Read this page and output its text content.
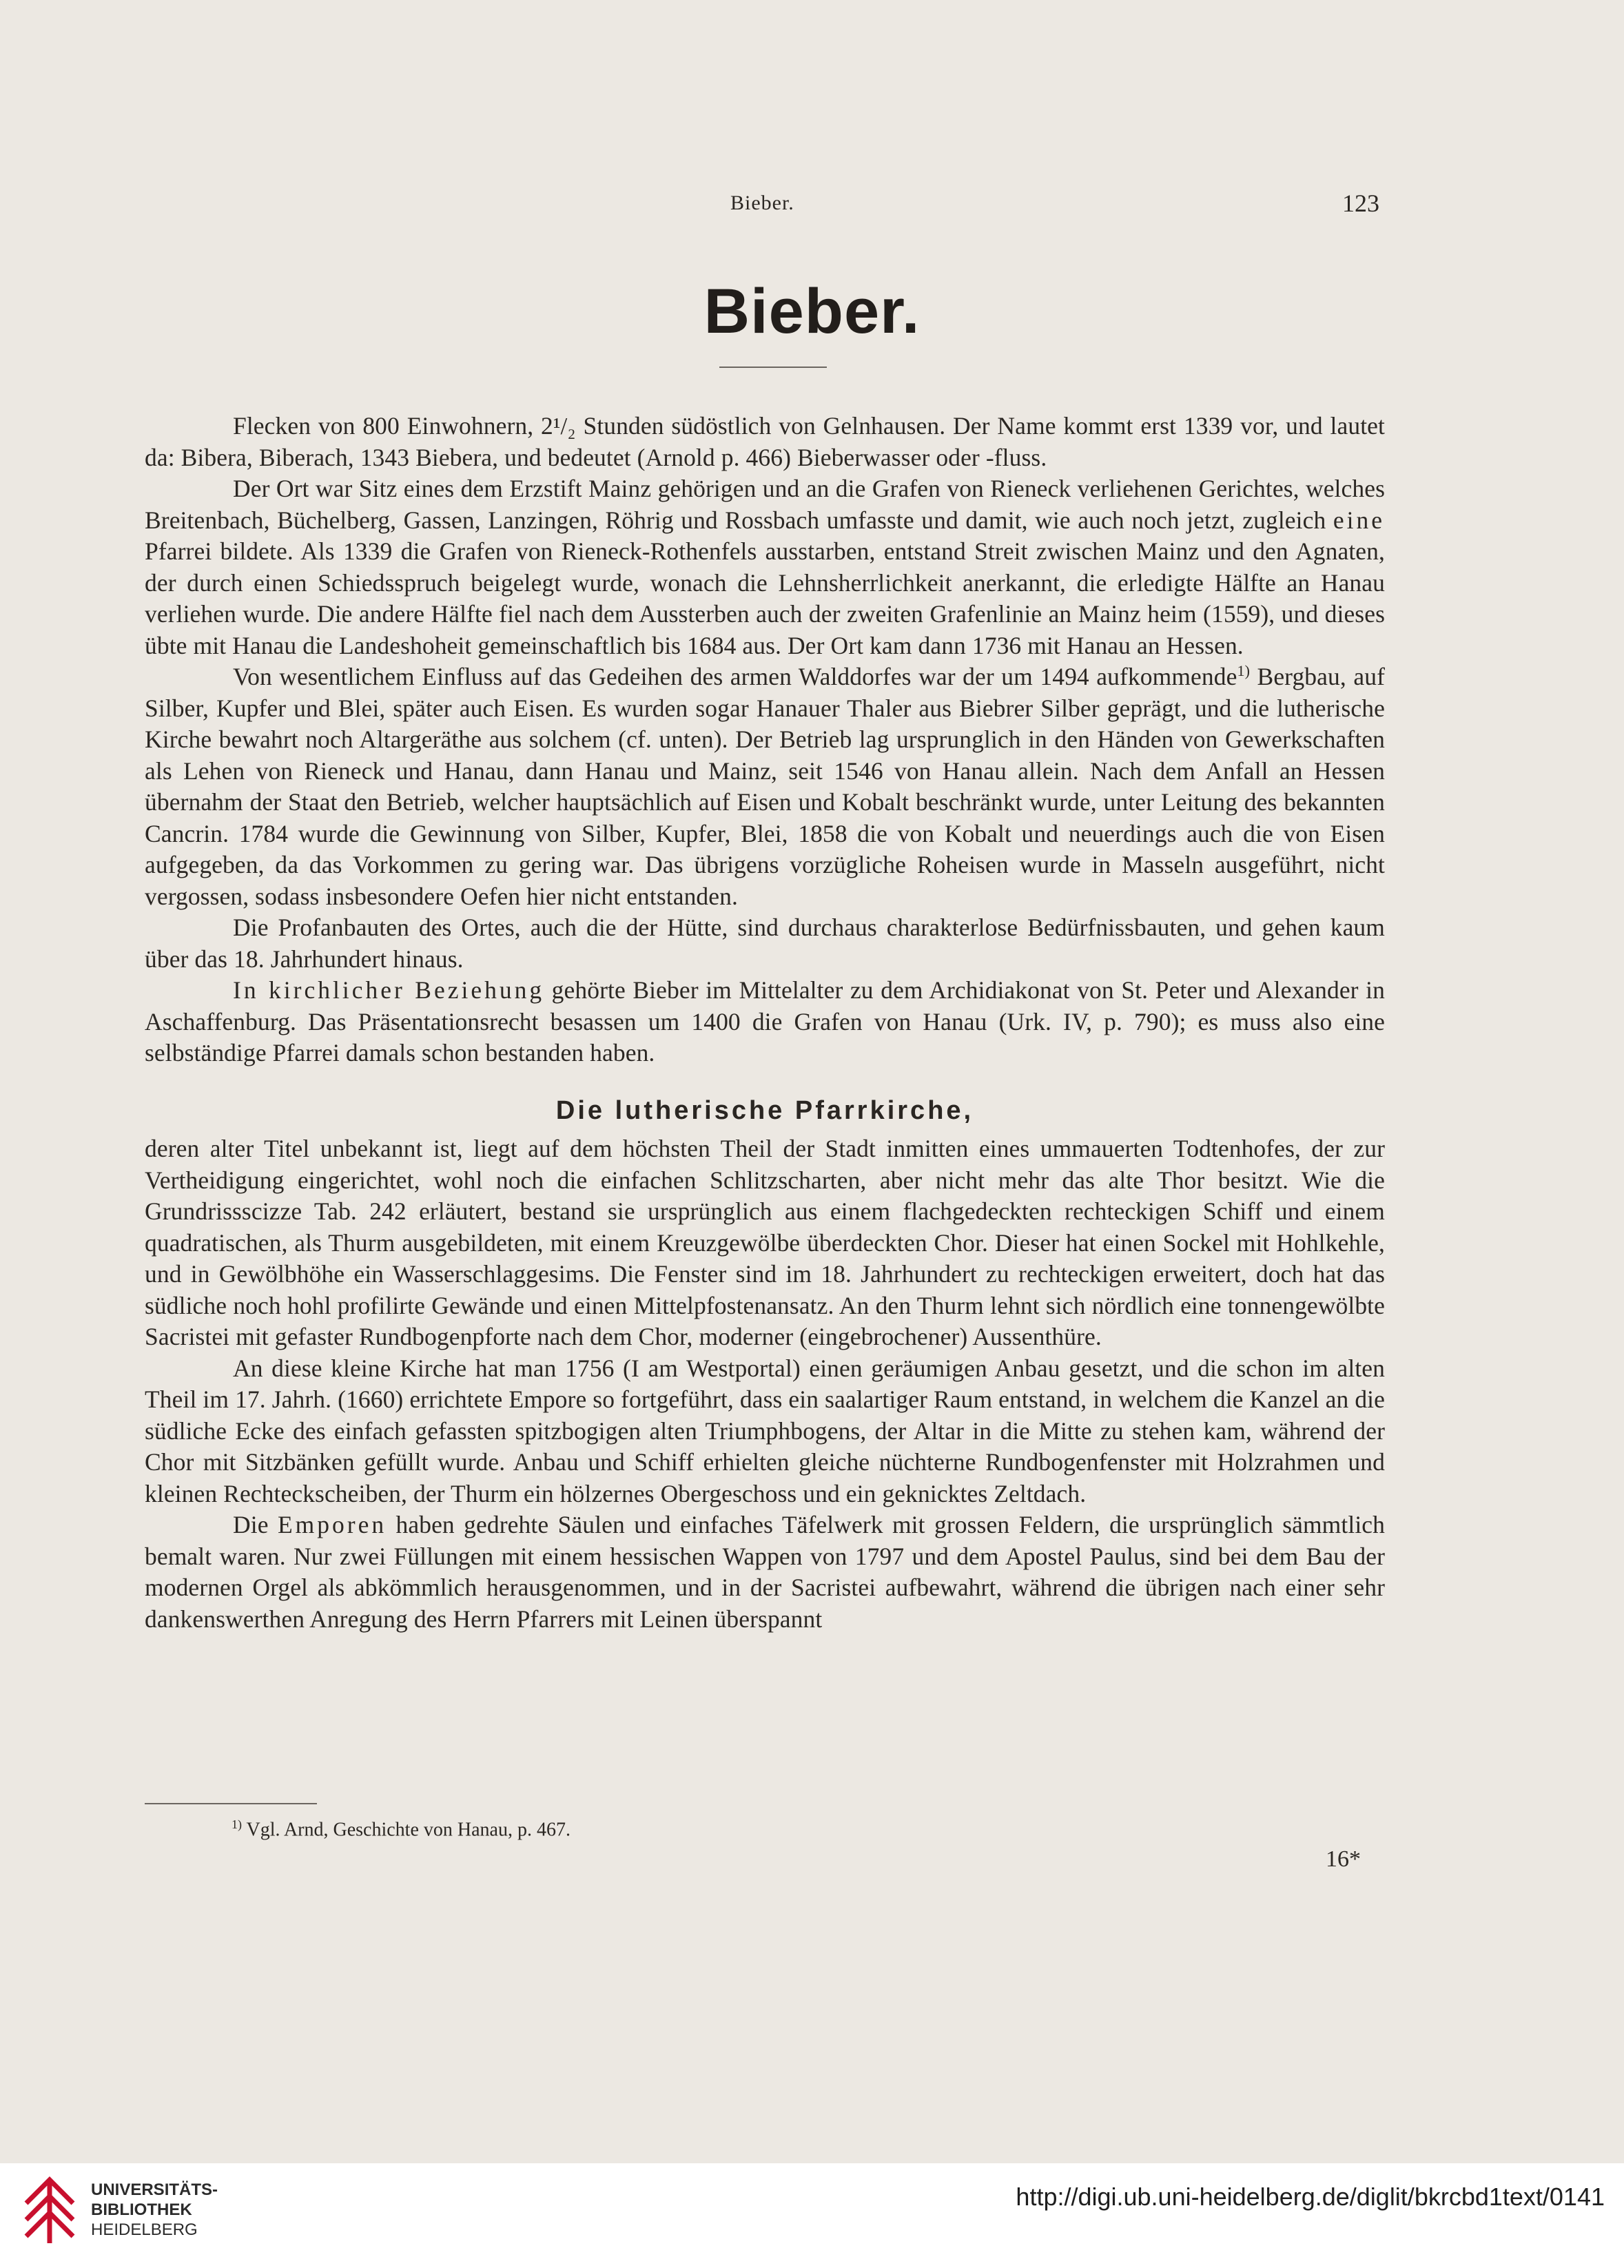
Bieber.	123
Bieber.

Flecken von 800 Einwohnern, 2¹/₂ Stunden südöstlich von Gelnhausen. Der Name kommt erst 1339 vor, und lautet da: Bibera, Biberach, 1343 Biebera, und bedeutet (Arnold p. 466) Bieberwasser oder -fluss.

Der Ort war Sitz eines dem Erzstift Mainz gehörigen und an die Grafen von Rieneck verliehenen Gerichtes, welches Breitenbach, Büchelberg, Gassen, Lanzingen, Röhrig und Rossbach umfasste und damit, wie auch noch jetzt, zugleich eine Pfarrei bildete. Als 1339 die Grafen von Rieneck-Rothenfels ausstarben, entstand Streit zwischen Mainz und den Agnaten, der durch einen Schiedsspruch beigelegt wurde, wonach die Lehnsherrlichkeit anerkannt, die erledigte Hälfte an Hanau verliehen wurde. Die andere Hälfte fiel nach dem Aussterben auch der zweiten Grafenlinie an Mainz heim (1559), und dieses übte mit Hanau die Landeshoheit gemeinschaftlich bis 1684 aus. Der Ort kam dann 1736 mit Hanau an Hessen.

Von wesentlichem Einfluss auf das Gedeihen des armen Walddorfes war der um 1494 aufkommende$^{1)}$ Bergbau, auf Silber, Kupfer und Blei, später auch Eisen. Es wurden sogar Hanauer Thaler aus Biebrer Silber geprägt, und die lutherische Kirche bewahrt noch Altargeräthe aus solchem (cf. unten). Der Betrieb lag ursprunglich in den Händen von Gewerkschaften als Lehen von Rieneck und Hanau, dann Hanau und Mainz, seit 1546 von Hanau allein. Nach dem Anfall an Hessen übernahm der Staat den Betrieb, welcher hauptsächlich auf Eisen und Kobalt beschränkt wurde, unter Leitung des bekannten Cancrin. 1784 wurde die Gewinnung von Silber, Kupfer, Blei, 1858 die von Kobalt und neuerdings auch die von Eisen aufgegeben, da das Vorkommen zu gering war. Das übrigens vorzügliche Roheisen wurde in Masseln ausgeführt, nicht vergossen, sodass insbesondere Oefen hier nicht entstanden.

Die Profanbauten des Ortes, auch die der Hütte, sind durchaus charakterlose Bedürfnissbauten, und gehen kaum über das 18. Jahrhundert hinaus.

In kirchlicher Beziehung gehörte Bieber im Mittelalter zu dem Archidiakonat von St. Peter und Alexander in Aschaffenburg. Das Präsentationsrecht besassen um 1400 die Grafen von Hanau (Urk. IV, p. 790); es muss also eine selbständige Pfarrei damals schon bestanden haben.

Die lutherische Pfarrkirche,

deren alter Titel unbekannt ist, liegt auf dem höchsten Theil der Stadt inmitten eines ummauerten Todtenhofes, der zur Vertheidigung eingerichtet, wohl noch die einfachen Schlitzscharten, aber nicht mehr das alte Thor besitzt. Wie die Grundrissscizze Tab. 242 erläutert, bestand sie ursprünglich aus einem flachgedeckten rechteckigen Schiff und einem quadratischen, als Thurm ausgebildeten, mit einem Kreuzgewölbe überdeckten Chor. Dieser hat einen Sockel mit Hohlkehle, und in Gewölbhöhe ein Wasserschlaggesims. Die Fenster sind im 18. Jahrhundert zu rechteckigen erweitert, doch hat das südliche noch hohl profilirte Gewände und einen Mittelpfostenansatz. An den Thurm lehnt sich nördlich eine tonnengewölbte Sacristei mit gefaster Rundbogenpforte nach dem Chor, moderner (eingebrochener) Aussenthüre.

An diese kleine Kirche hat man 1756 (I am Westportal) einen geräumigen Anbau gesetzt, und die schon im alten Theil im 17. Jahrh. (1660) errichtete Empore so fortgeführt, dass ein saalartiger Raum entstand, in welchem die Kanzel an die südliche Ecke des einfach gefassten spitzbogigen alten Triumphbogens, der Altar in die Mitte zu stehen kam, während der Chor mit Sitzbänken gefüllt wurde. Anbau und Schiff erhielten gleiche nüchterne Rundbogenfenster mit Holzrahmen und kleinen Rechteckscheiben, der Thurm ein hölzernes Obergeschoss und ein geknicktes Zeltdach.

Die Emporen haben gedrehte Säulen und einfaches Täfelwerk mit grossen Feldern, die ursprünglich sämmtlich bemalt waren. Nur zwei Füllungen mit einem hessischen Wappen von 1797 und dem Apostel Paulus, sind bei dem Bau der modernen Orgel als abkömmlich herausgenommen, und in der Sacristei aufbewahrt, während die übrigen nach einer sehr dankenswerthen Anregung des Herrn Pfarrers mit Leinen überspannt

$^{1)}$ Vgl. Arnd, Geschichte von Hanau, p. 467.
16*
UNIVERSITÄTS-
BIBLIOTHEK
HEIDELBERG
http://digi.ub.uni-heidelberg.de/diglit/bkrcbd1text/0141
